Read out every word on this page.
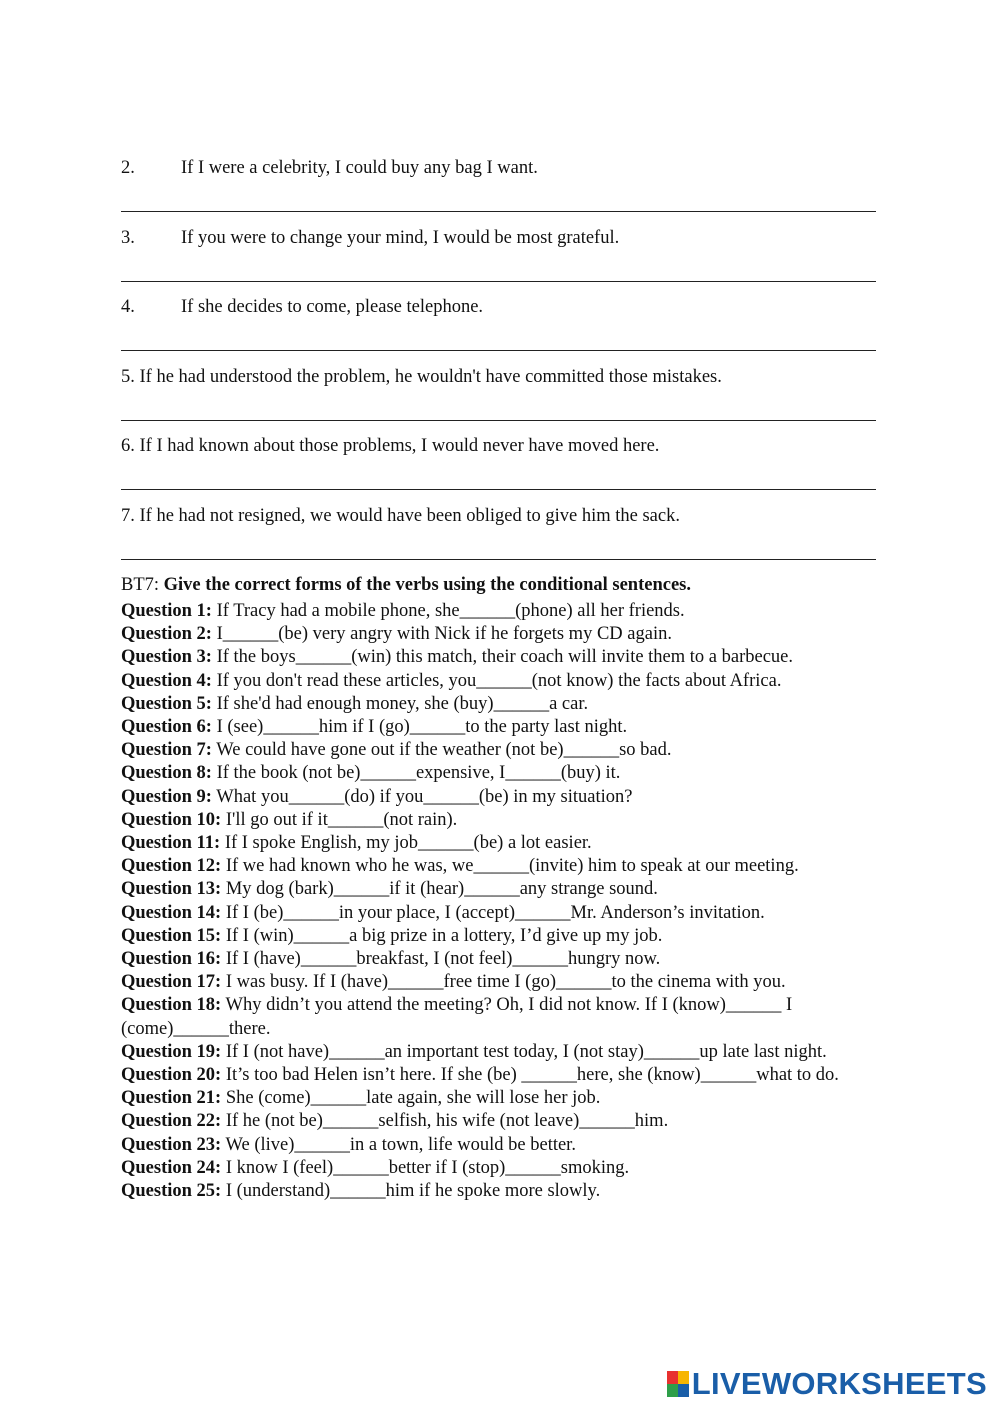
2. If I were a celebrity, I could buy any bag I want.
3. If you were to change your mind, I would be most grateful.
4. If she decides to come, please telephone.
5. If he had understood the problem, he wouldn't have committed those mistakes.
6. If I had known about those problems, I would never have moved here.
7. If he had not resigned, we would have been obliged to give him the sack.
BT7: Give the correct forms of the verbs using the conditional sentences.

Question 1: If Tracy had a mobile phone, she______(phone) all her friends.

Question 2: I______(be) very angry with Nick if he forgets my CD again.

Question 3: If the boys______(win) this match, their coach will invite them to a barbecue.

Question 4: If you don't read these articles, you______(not know) the facts about Africa.

Question 5: If she'd had enough money, she (buy)______a car.

Question 6: I (see)______him if I (go)______to the party last night.

Question 7: We could have gone out if the weather (not be)______so bad.

Question 8: If the book (not be)______expensive, I______(buy) it.

Question 9: What you______(do) if you______(be) in my situation?

Question 10: I'll go out if it______(not rain).

Question 11: If I spoke English, my job______(be) a lot easier.

Question 12: If we had known who he was, we______(invite) him to speak at our meeting.

Question 13: My dog (bark)______if it (hear)______any strange sound.

Question 14: If I (be)______in your place, I (accept)______Mr. Anderson’s invitation.

Question 15: If I (win)______a big prize in a lottery, I’d give up my job.

Question 16: If I (have)______breakfast, I (not feel)______hungry now.

Question 17: I was busy. If I (have)______free time I (go)______to the cinema with you.

Question 18: Why didn’t you attend the meeting? Oh, I did not know. If I (know)______ I (come)______there.

Question 19: If I (not have)______an important test today, I (not stay)______up late last night.

Question 20: It’s too bad Helen isn’t here. If she (be) ______here, she (know)______what to do.

Question 21: She (come)______late again, she will lose her job.

Question 22: If he (not be)______selfish, his wife (not leave)______him.

Question 23: We (live)______in a town, life would be better.

Question 24: I know I (feel)______better if I (stop)______smoking.

Question 25: I (understand)______him if he spoke more slowly.

LIVEWORKSHEETS
